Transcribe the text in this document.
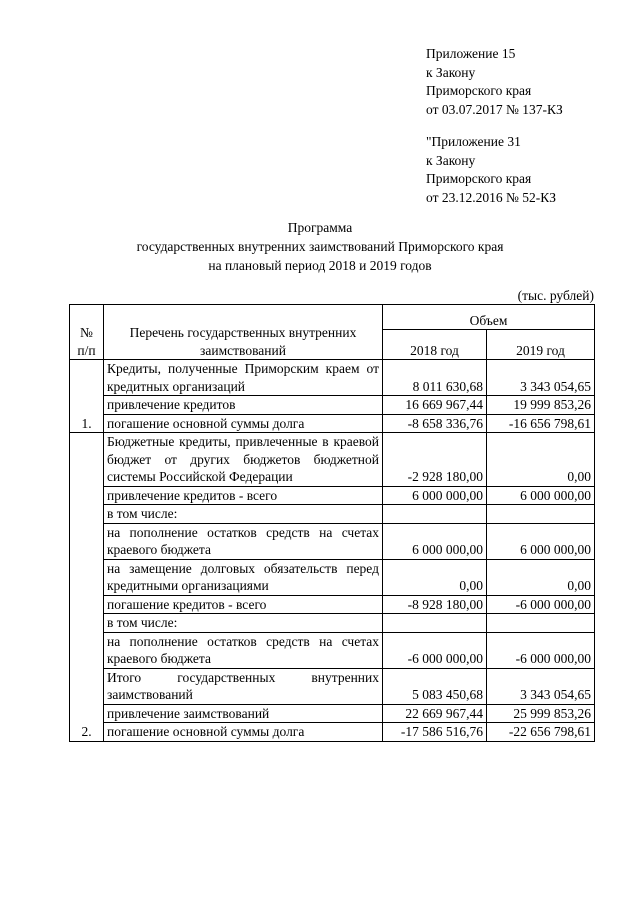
Приложение 15
к Закону
Приморского края
от 03.07.2017 № 137-КЗ
"Приложение 31
к Закону
Приморского края
от 23.12.2016 № 52-КЗ
Программа
государственных внутренних заимствований Приморского края
на плановый период 2018 и 2019 годов
(тыс. рублей)
№ п/п	Перечень государственных внутренних заимствований	Объем	
		2018 год	2019 год
1.	Кредиты, полученные Приморским краем от кредитных организаций	8 011 630,68	3 343 054,65
	привлечение кредитов	16 669 967,44	19 999 853,26
	погашение основной суммы долга	-8 658 336,76	-16 656 798,61
2.	Бюджетные кредиты, привлеченные в краевой бюджет от других бюджетов бюджетной системы Российской Федерации	-2 928 180,00	0,00
	привлечение кредитов - всего	6 000 000,00	6 000 000,00
	в том числе:		
	на пополнение остатков средств на счетах краевого бюджета	6 000 000,00	6 000 000,00
	на замещение долговых обязательств перед кредитными организациями	0,00	0,00
	погашение кредитов - всего	-8 928 180,00	-6 000 000,00
	в том числе:		
	на пополнение остатков средств на счетах краевого бюджета	-6 000 000,00	-6 000 000,00
	Итого государственных внутренних заимствований	5 083 450,68	3 343 054,65
	привлечение заимствований	22 669 967,44	25 999 853,26
	погашение основной суммы долга	-17 586 516,76	-22 656 798,61
